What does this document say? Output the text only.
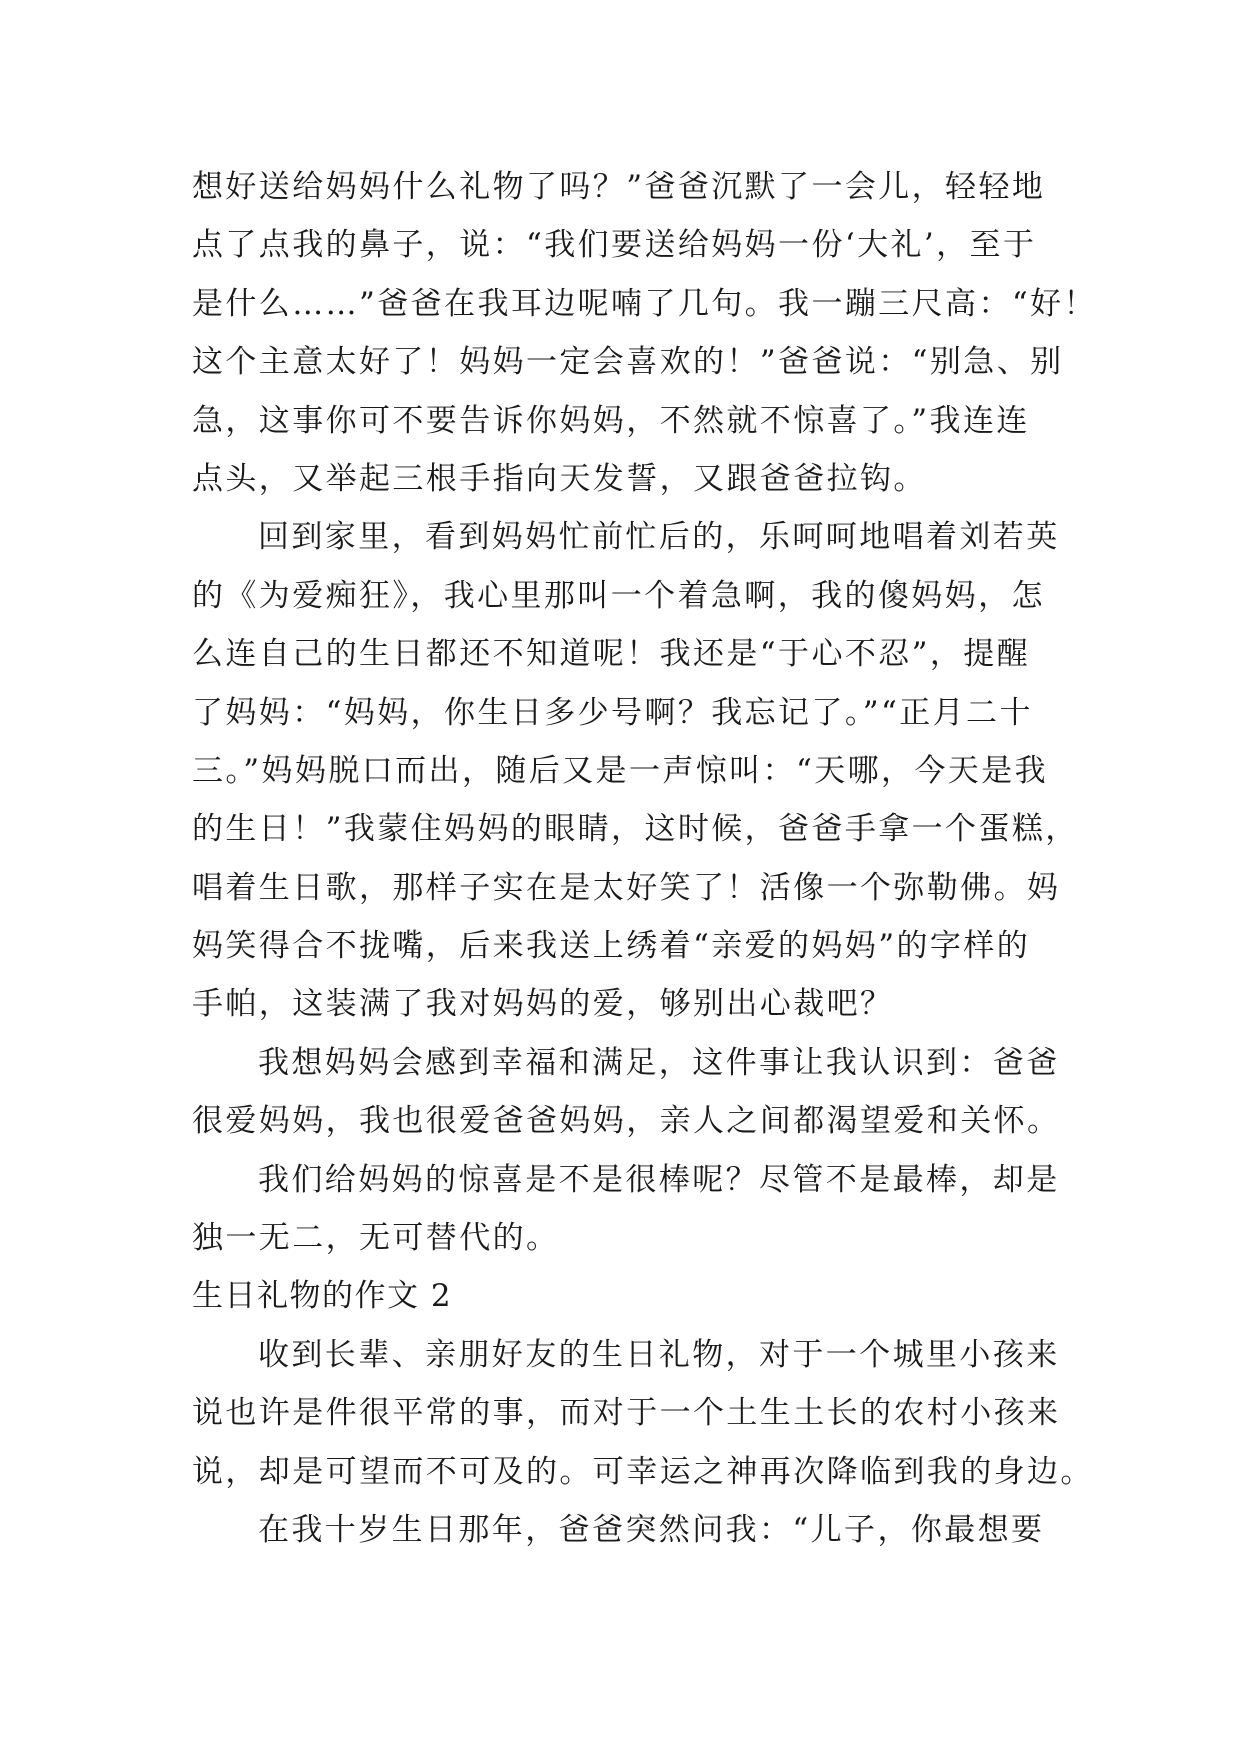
想好送给妈妈什么礼物了吗？”爸爸沉默了一会儿，轻轻地
点了点我的鼻子，说：“我们要送给妈妈一份‘大礼’，至于
是什么……”爸爸在我耳边呢喃了几句。我一蹦三尺高：“好！
这个主意太好了！妈妈一定会喜欢的！”爸爸说：“别急、别
急，这事你可不要告诉你妈妈，不然就不惊喜了。”我连连
点头，又举起三根手指向天发誓，又跟爸爸拉钩。
回到家里，看到妈妈忙前忙后的，乐呵呵地唱着刘若英
的《为爱痴狂》，我心里那叫一个着急啊，我的傻妈妈，怎
么连自己的生日都还不知道呢！我还是“于心不忍”，提醒
了妈妈：“妈妈，你生日多少号啊？我忘记了。”“正月二十
三。”妈妈脱口而出，随后又是一声惊叫：“天哪，今天是我
的生日！”我蒙住妈妈的眼睛，这时候，爸爸手拿一个蛋糕，
唱着生日歌，那样子实在是太好笑了！活像一个弥勒佛。妈
妈笑得合不拢嘴，后来我送上绣着“亲爱的妈妈”的字样的
手帕，这装满了我对妈妈的爱，够别出心裁吧？
我想妈妈会感到幸福和满足，这件事让我认识到：爸爸
很爱妈妈，我也很爱爸爸妈妈，亲人之间都渴望爱和关怀。
我们给妈妈的惊喜是不是很棒呢？尽管不是最棒，却是
独一无二，无可替代的。
生日礼物的作文 2
收到长辈、亲朋好友的生日礼物，对于一个城里小孩来
说也许是件很平常的事，而对于一个土生土长的农村小孩来
说，却是可望而不可及的。可幸运之神再次降临到我的身边。
在我十岁生日那年，爸爸突然问我：“儿子，你最想要
